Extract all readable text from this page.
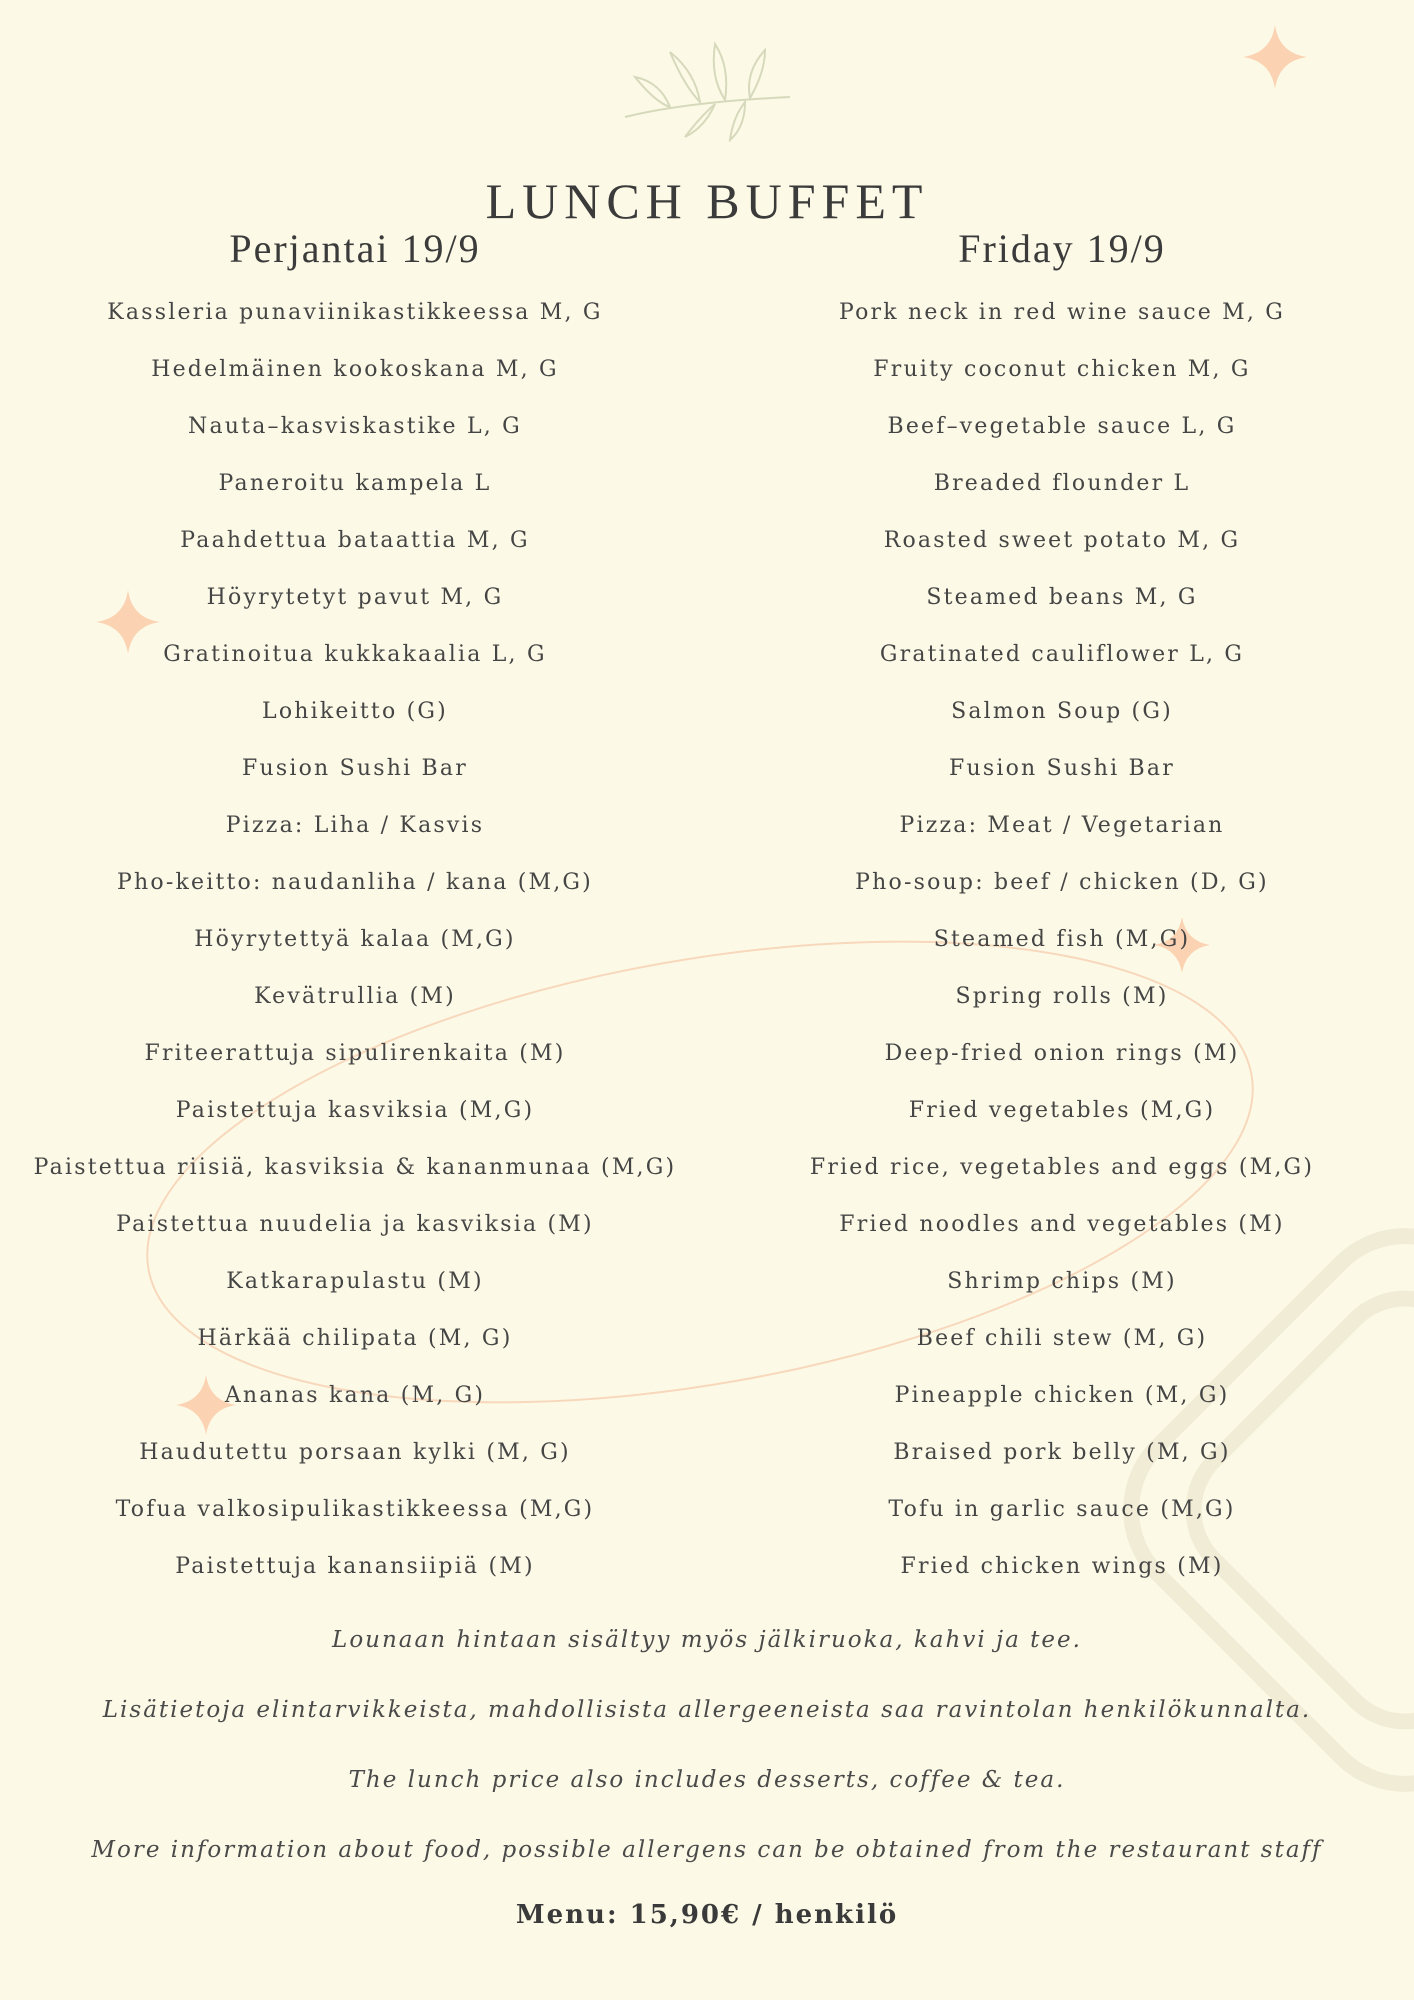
LUNCH BUFFET
Perjantai 19/9
Kassleria punaviinikastikkeessa M, G
Hedelmäinen kookoskana M, G
Nauta–kasviskastike L, G
Paneroitu kampela L
Paahdettua bataattia M, G
Höyrytetyt pavut M, G
Gratinoitua kukkakaalia L, G
Lohikeitto (G)
Fusion Sushi Bar
Pizza: Liha / Kasvis
Pho-keitto: naudanliha / kana (M,G)
Höyrytettyä kalaa (M,G)
Kevätrullia (M)
Friteerattuja sipulirenkaita (M)
Paistettuja kasviksia (M,G)
Paistettua riisiä, kasviksia & kananmunaa (M,G)
Paistettua nuudelia ja kasviksia (M)
Katkarapulastu (M)
Härkää chilipata (M, G)
Ananas kana (M, G)
Haudutettu porsaan kylki (M, G)
Tofua valkosipulikastikkeessa (M,G)
Paistettuja kanansiipiä (M)
Friday 19/9
Pork neck in red wine sauce M, G
Fruity coconut chicken M, G
Beef–vegetable sauce L, G
Breaded flounder L
Roasted sweet potato M, G
Steamed beans M, G
Gratinated cauliflower L, G
Salmon Soup (G)
Fusion Sushi Bar
Pizza: Meat / Vegetarian
Pho-soup: beef / chicken (D, G)
Steamed fish (M,G)
Spring rolls (M)
Deep-fried onion rings (M)
Fried vegetables (M,G)
Fried rice, vegetables and eggs (M,G)
Fried noodles and vegetables (M)
Shrimp chips (M)
Beef chili stew (M, G)
Pineapple chicken (M, G)
Braised pork belly (M, G)
Tofu in garlic sauce (M,G)
Fried chicken wings (M)

Lounaan hintaan sisältyy myös jälkiruoka, kahvi ja tee.

Lisätietoja elintarvikkeista, mahdollisista allergeeneista saa ravintolan henkilökunnalta.

The lunch price also includes desserts, coffee & tea.

More information about food, possible allergens can be obtained from the restaurant staff

Menu: 15,90€ / henkilö
